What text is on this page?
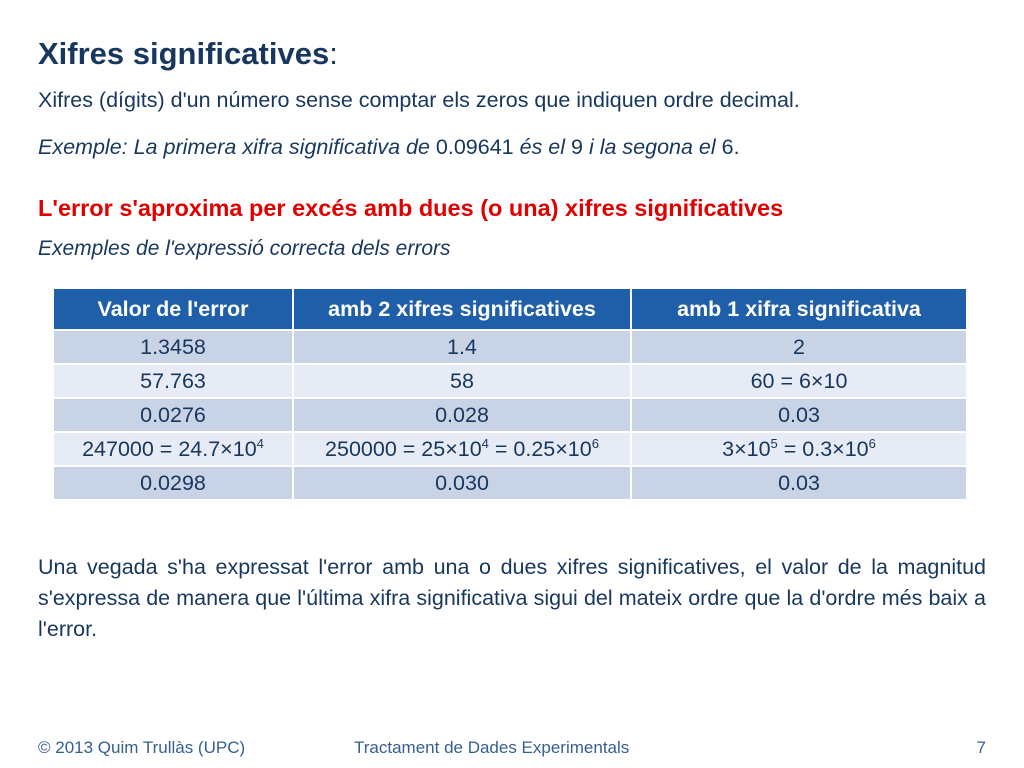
Xifres significatives:
Xifres (dígits) d'un número sense comptar els zeros que indiquen ordre decimal.
Exemple: La primera xifra significativa de 0.09641 és el 9 i la segona el 6.
L'error s'aproxima per excés amb dues (o una) xifres significatives
Exemples de l'expressió correcta dels errors
Valor de l'error	amb 2 xifres significatives	amb 1 xifra significativa
1.3458	1.4	2
57.763	58	60 = 6×10
0.0276	0.028	0.03
$247000 = 24.7\times 10^4$	$250000 = 25\times 10^4 = 0.25\times 10^6$	$3\times 10^5 = 0.3\times 10^6$
0.0298	0.030	0.03

Una vegada s'ha expressat l'error amb una o dues xifres significatives, el valor de la magnitud s'expressa de manera que l'última xifra significativa sigui del mateix ordre que la d'ordre més baix a l'error.

© 2013 Quim Trullàs (UPC)	Tractament de Dades Experimentals	7
